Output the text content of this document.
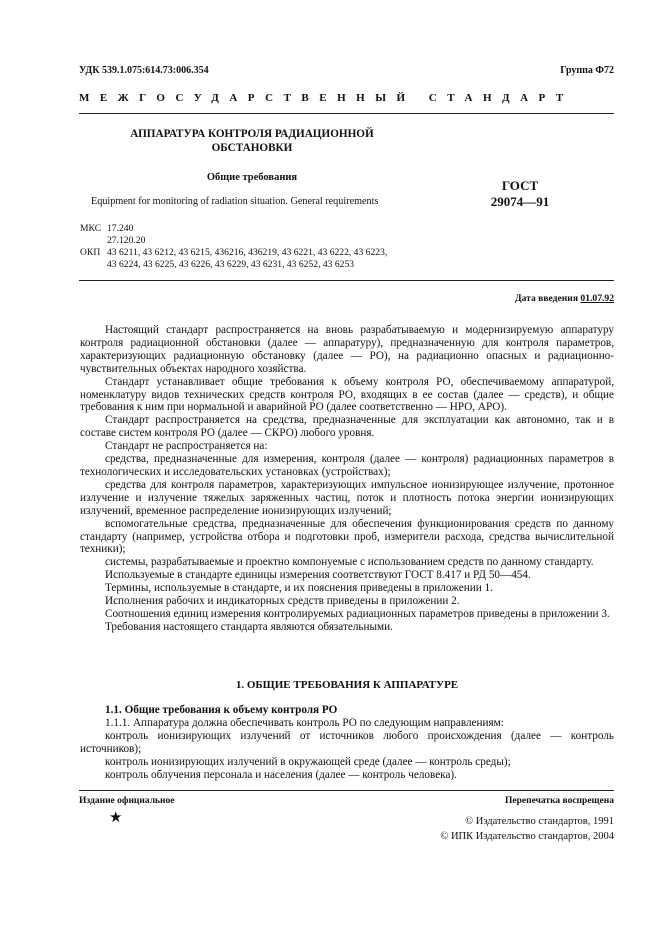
УДК 539.1.075:614.73:006.354	Группа Ф72
МЕЖГОСУДАРСТВЕННЫЙ СТАНДАРТ
АППАРАТУРА КОНТРОЛЯ РАДИАЦИОННОЙ
ОБСТАНОВКИ
Общие требования
Equipment for monitoring of radiation situation. General requirements
ГОСТ
29074—91
МКС 17.240
27.120.20
ОКП 43 6211, 43 6212, 43 6215, 436216, 436219, 43 6221, 43 6222, 43 6223,
43 6224, 43 6225, 43 6226, 43 6229, 43 6231, 43 6252, 43 6253
Дата введения 01.07.92

Настоящий стандарт распространяется на вновь разрабатываемую и модернизируемую аппаратуру контроля радиационной обстановки (далее — аппаратуру), предназначенную для контроля параметров, характеризующих радиационную обстановку (далее — РО), на радиационно опасных и радиационно-чувствительных объектах народного хозяйства.

Стандарт устанавливает общие требования к объему контроля РО, обеспечиваемому аппаратурой, номенклатуру видов технических средств контроля РО, входящих в ее состав (далее — средств), и общие требования к ним при нормальной и аварийной РО (далее соответственно — НРО, АРО).

Стандарт распространяется на средства, предназначенные для эксплуатации как автономно, так и в составе систем контроля РО (далее — СКРО) любого уровня.

Стандарт не распространяется на:

средства, предназначенные для измерения, контроля (далее — контроля) радиационных параметров в технологических и исследовательских установках (устройствах);

средства для контроля параметров, характеризующих импульсное ионизирующее излучение, протонное излучение и излучение тяжелых заряженных частиц, поток и плотность потока энергии ионизирующих излучений, временное распределение ионизирующих излучений;

вспомогательные средства, предназначенные для обеспечения функционирования средств по данному стандарту (например, устройства отбора и подготовки проб, измерители расхода, средства вычислительной техники);

системы, разрабатываемые и проектно компонуемые с использованием средств по данному стандарту.

Используемые в стандарте единицы измерения соответствуют ГОСТ 8.417 и РД 50—454.

Термины, используемые в стандарте, и их пояснения приведены в приложении 1.

Исполнения рабочих и индикаторных средств приведены в приложении 2.

Соотношения единиц измерения контролируемых радиационных параметров приведены в приложении 3.

Требования настоящего стандарта являются обязательными.

1. ОБЩИЕ ТРЕБОВАНИЯ К АППАРАТУРЕ

1.1. Общие требования к объему контроля РО

1.1.1. Аппаратура должна обеспечивать контроль РО по следующим направлениям:

контроль ионизирующих излучений от источников любого происхождения (далее — контроль источников);

контроль ионизирующих излучений в окружающей среде (далее — контроль среды);

контроль облучения персонала и населения (далее — контроль человека).

Издание официальное	Перепечатка воспрещена
★	© Издательство стандартов, 1991
© ИПК Издательство стандартов, 2004
